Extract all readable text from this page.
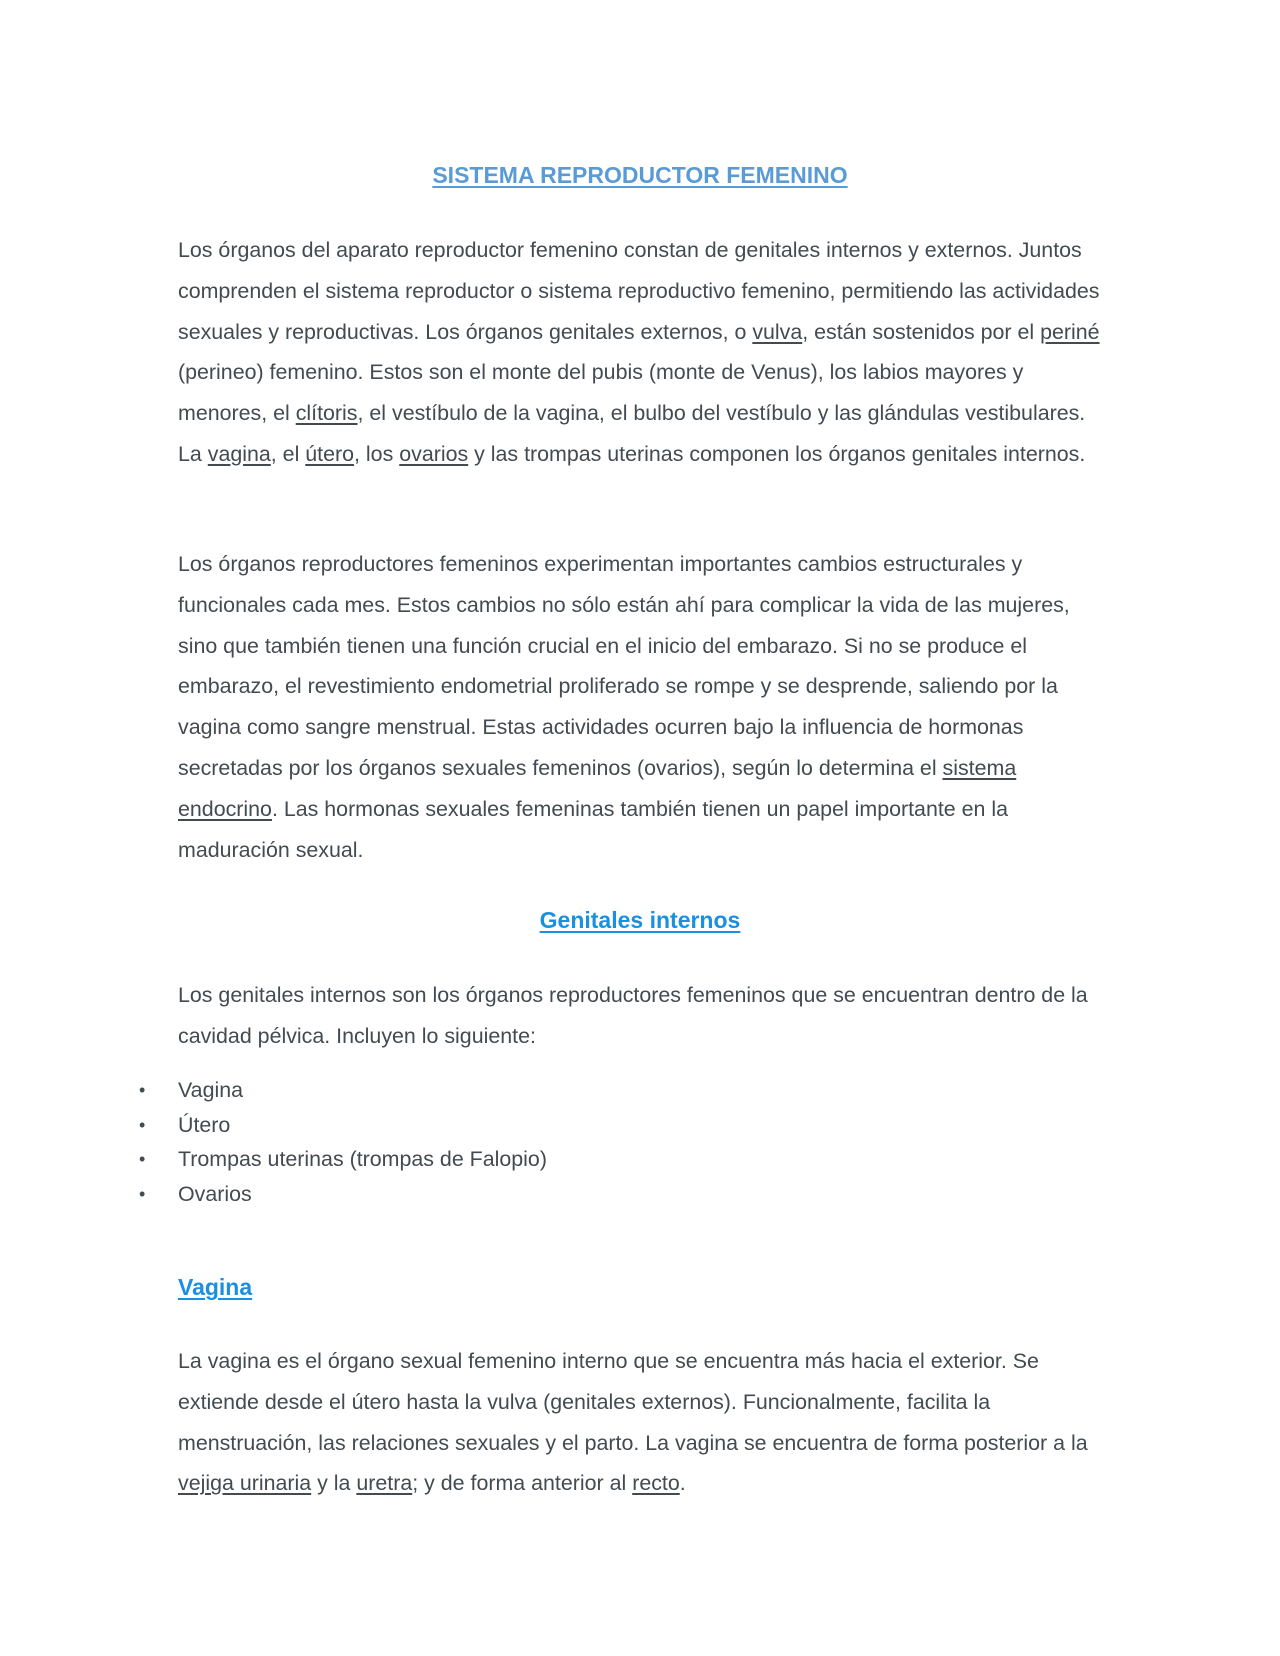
SISTEMA REPRODUCTOR FEMENINO

Los órganos del aparato reproductor femenino constan de genitales internos y externos. Juntos comprenden el sistema reproductor o sistema reproductivo femenino, permitiendo las actividades sexuales y reproductivas. Los órganos genitales externos, o vulva, están sostenidos por el periné (perineo) femenino. Estos son el monte del pubis (monte de Venus), los labios mayores y menores, el clítoris, el vestíbulo de la vagina, el bulbo del vestíbulo y las glándulas vestibulares. La vagina, el útero, los ovarios y las trompas uterinas componen los órganos genitales internos.

Los órganos reproductores femeninos experimentan importantes cambios estructurales y funcionales cada mes. Estos cambios no sólo están ahí para complicar la vida de las mujeres, sino que también tienen una función crucial en el inicio del embarazo. Si no se produce el embarazo, el revestimiento endometrial proliferado se rompe y se desprende, saliendo por la vagina como sangre menstrual. Estas actividades ocurren bajo la influencia de hormonas secretadas por los órganos sexuales femeninos (ovarios), según lo determina el sistema endocrino. Las hormonas sexuales femeninas también tienen un papel importante en la maduración sexual.

Genitales internos

Los genitales internos son los órganos reproductores femeninos que se encuentran dentro de la cavidad pélvica. Incluyen lo siguiente:

• Vagina
• Útero
• Trompas uterinas (trompas de Falopio)
• Ovarios
Vagina

La vagina es el órgano sexual femenino interno que se encuentra más hacia el exterior. Se extiende desde el útero hasta la vulva (genitales externos). Funcionalmente, facilita la menstruación, las relaciones sexuales y el parto. La vagina se encuentra de forma posterior a la vejiga urinaria y la uretra; y de forma anterior al recto.
